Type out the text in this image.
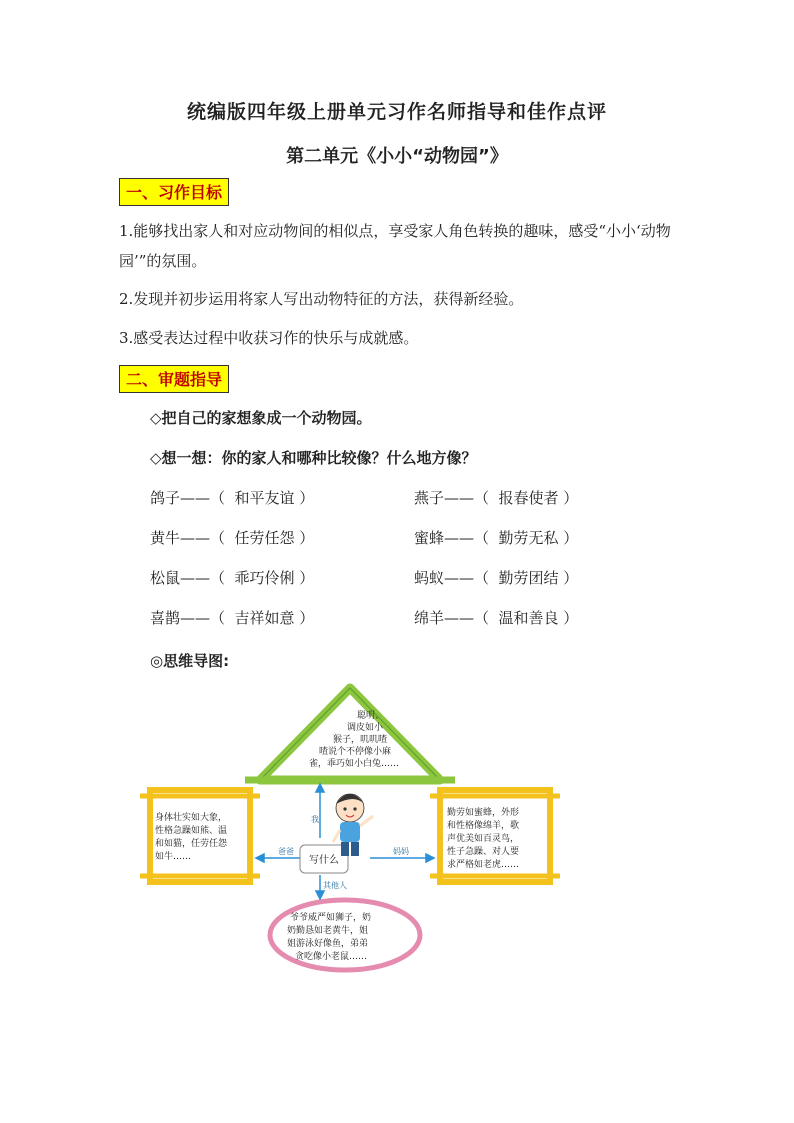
统编版四年级上册单元习作名师指导和佳作点评
第二单元《小小“动物园”》
一、习作目标
1.能够找出家人和对应动物间的相似点，享受家人角色转换的趣味，感受“小小‘动物园’”的氛围。
2.发现并初步运用将家人写出动物特征的方法，获得新经验。
3.感受表达过程中收获习作的快乐与成就感。
二、审题指导
◇把自己的家想象成一个动物园。
◇想一想：你的家人和哪种比较像？什么地方像？
鸽子——（  和平友谊 ）	燕子——（  报春使者 ）
黄牛——（  任劳任怨 ）	蜜蜂——（  勤劳无私 ）
松鼠——（  乖巧伶俐 ）	蚂蚁——（  勤劳团结 ）
喜鹊——（  吉祥如意 ）	绵羊——（  温和善良 ）
◎思维导图:
聪明、
调皮如小
猴子，叽叽喳
喳说个不停像小麻
雀，乖巧如小白兔……
身体壮实如大象，
性格急躁如熊、温
和如猫，任劳任怨
如牛……
勤劳如蜜蜂，外形
和性格像绵羊，歌
声优美如百灵鸟，
性子急躁、对人要
求严格如老虎……
爷爷威严如狮子，奶
奶勤恳如老黄牛，姐
姐游泳好像鱼，弟弟
贪吃像小老鼠……
我
爸爸	妈妈
其他人
写什么
